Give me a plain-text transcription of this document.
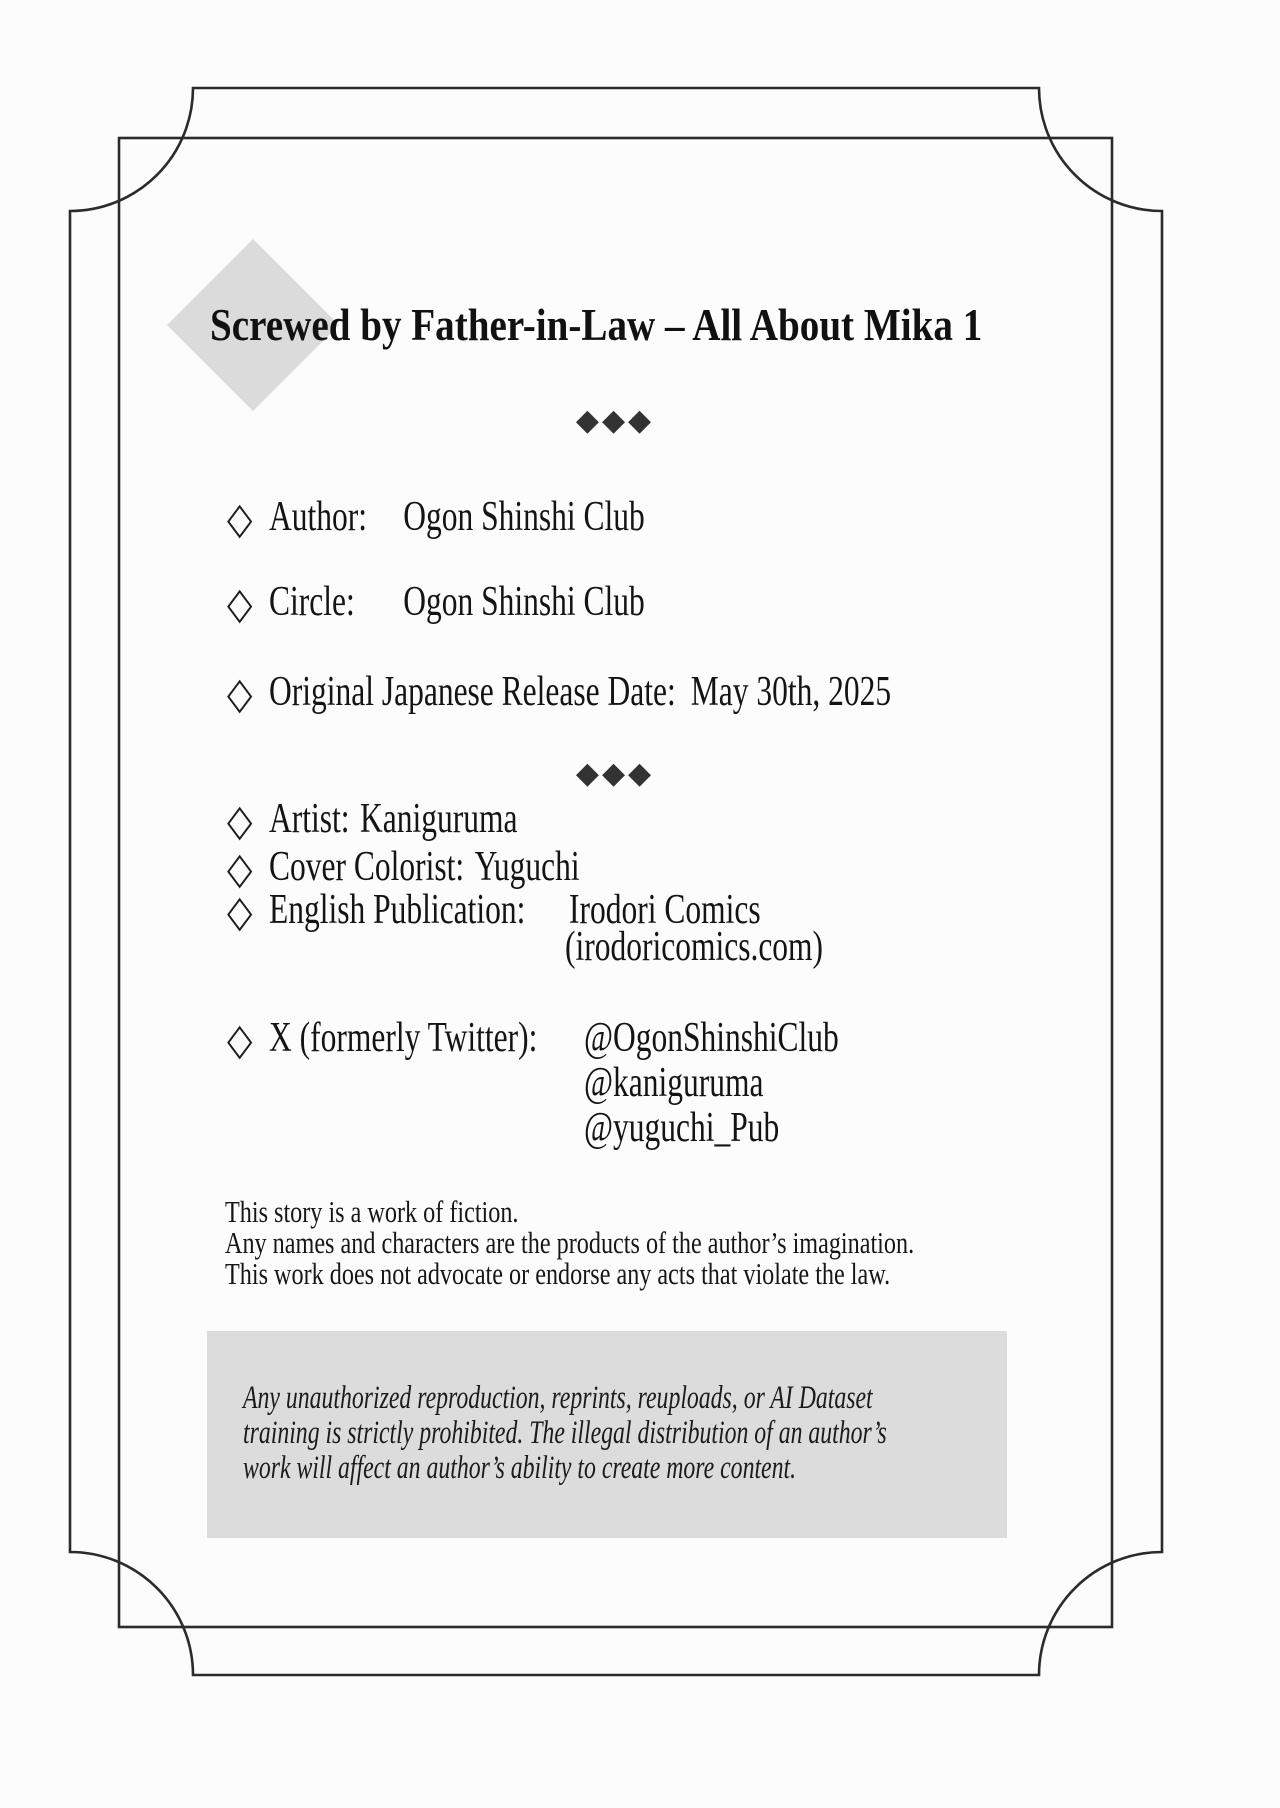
Screwed by Father-in-Law – All About Mika 1
◆◆◆
◇ Author: Ogon Shinshi Club
◇ Circle: Ogon Shinshi Club
◇ Original Japanese Release Date: May 30th, 2025
◆◆◆
◇ Artist: Kaniguruma
◇ Cover Colorist: Yuguchi
◇ English Publication: Irodori Comics
(irodoricomics.com)
◇ X (formerly Twitter):	@OgonShinshiClub
@kaniguruma
@yuguchi_Pub
This story is a work of fiction.
Any names and characters are the products of the author’s imagination.
This work does not advocate or endorse any acts that violate the law.
Any unauthorized reproduction, reprints, reuploads, or AI Dataset
training is strictly prohibited. The illegal distribution of an author’s
work will affect an author’s ability to create more content.
